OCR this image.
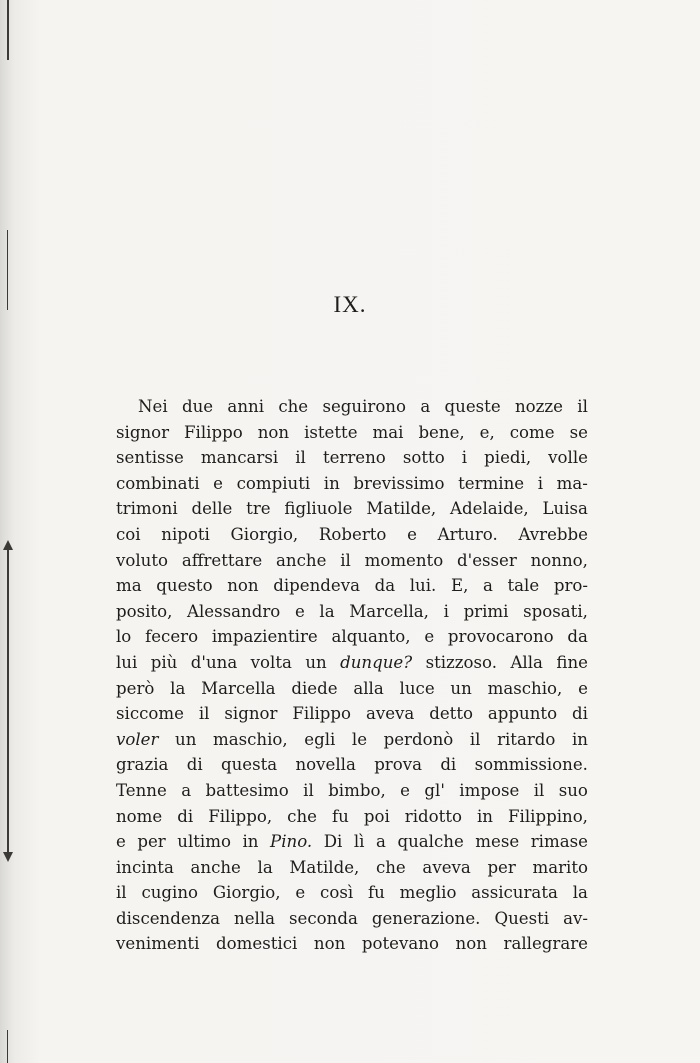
IX.
Nei due anni che seguirono a queste nozze il
signor Filippo non istette mai bene, e, come se
sentisse mancarsi il terreno sotto i piedi, volle
combinati e compiuti in brevissimo termine i ma-
trimoni delle tre figliuole Matilde, Adelaide, Luisa
coi nipoti Giorgio, Roberto e Arturo. Avrebbe
voluto affrettare anche il momento d'esser nonno,
ma questo non dipendeva da lui. E, a tale pro-
posito, Alessandro e la Marcella, i primi sposati,
lo fecero impazientire alquanto, e provocarono da
lui più d'una volta un dunque? stizzoso. Alla fine
però la Marcella diede alla luce un maschio, e
siccome il signor Filippo aveva detto appunto di
voler un maschio, egli le perdonò il ritardo in
grazia di questa novella prova di sommissione.
Tenne a battesimo il bimbo, e gl' impose il suo
nome di Filippo, che fu poi ridotto in Filippino,
e per ultimo in Pino. Di lì a qualche mese rimase
incinta anche la Matilde, che aveva per marito
il cugino Giorgio, e così fu meglio assicurata la
discendenza nella seconda generazione. Questi av-
venimenti domestici non potevano non rallegrare
